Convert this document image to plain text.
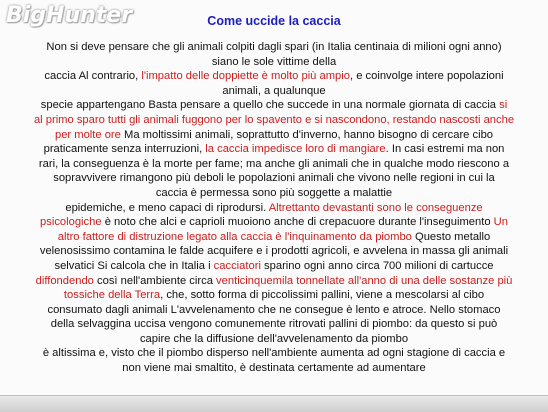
BigHunter	Come uccide la caccia
Non si deve pensare che gli animali colpiti dagli spari (in Italia centinaia di milioni ogni anno)
siano le sole vittime della
caccia Al contrario, l'impatto delle doppiette è molto più ampio, e coinvolge intere popolazioni
animali, a qualunque
specie appartengano Basta pensare a quello che succede in una normale giornata di caccia si
al primo sparo tutti gli animali fuggono per lo spavento e si nascondono, restando nascosti anche
per molte ore Ma moltissimi animali, soprattutto d'inverno, hanno bisogno di cercare cibo
praticamente senza interruzioni, la caccia impedisce loro di mangiare. In casi estremi ma non
rari, la conseguenza è la morte per fame; ma anche gli animali che in qualche modo riescono a
sopravvivere rimangono più deboli le popolazioni animali che vivono nelle regioni in cui la
caccia è permessa sono più soggette a malattie
epidemiche, e meno capaci di riprodursi. Altrettanto devastanti sono le conseguenze
psicologiche è noto che alci e caprioli muoiono anche di crepacuore durante l'inseguimento Un
altro fattore di distruzione legato alla caccia è l'inquinamento da piombo Questo metallo
velenosissimo contamina le falde acquifere e i prodotti agricoli, e avvelena in massa gli animali
selvatici Si calcola che in Italia i cacciatori sparino ogni anno circa 700 milioni di cartucce
diffondendo così nell'ambiente circa venticinquemila tonnellate all'anno di una delle sostanze più
tossiche della Terra, che, sotto forma di piccolissimi pallini, viene a mescolarsi al cibo
consumato dagli animali L'avvelenamento che ne consegue è lento e atroce. Nello stomaco
della selvaggina uccisa vengono comunemente ritrovati pallini di piombo: da questo si può
capire che la diffusione dell'avvelenamento da piombo
è altissima e, visto che il piombo disperso nell'ambiente aumenta ad ogni stagione di caccia e
non viene mai smaltito, è destinata certamente ad aumentare
